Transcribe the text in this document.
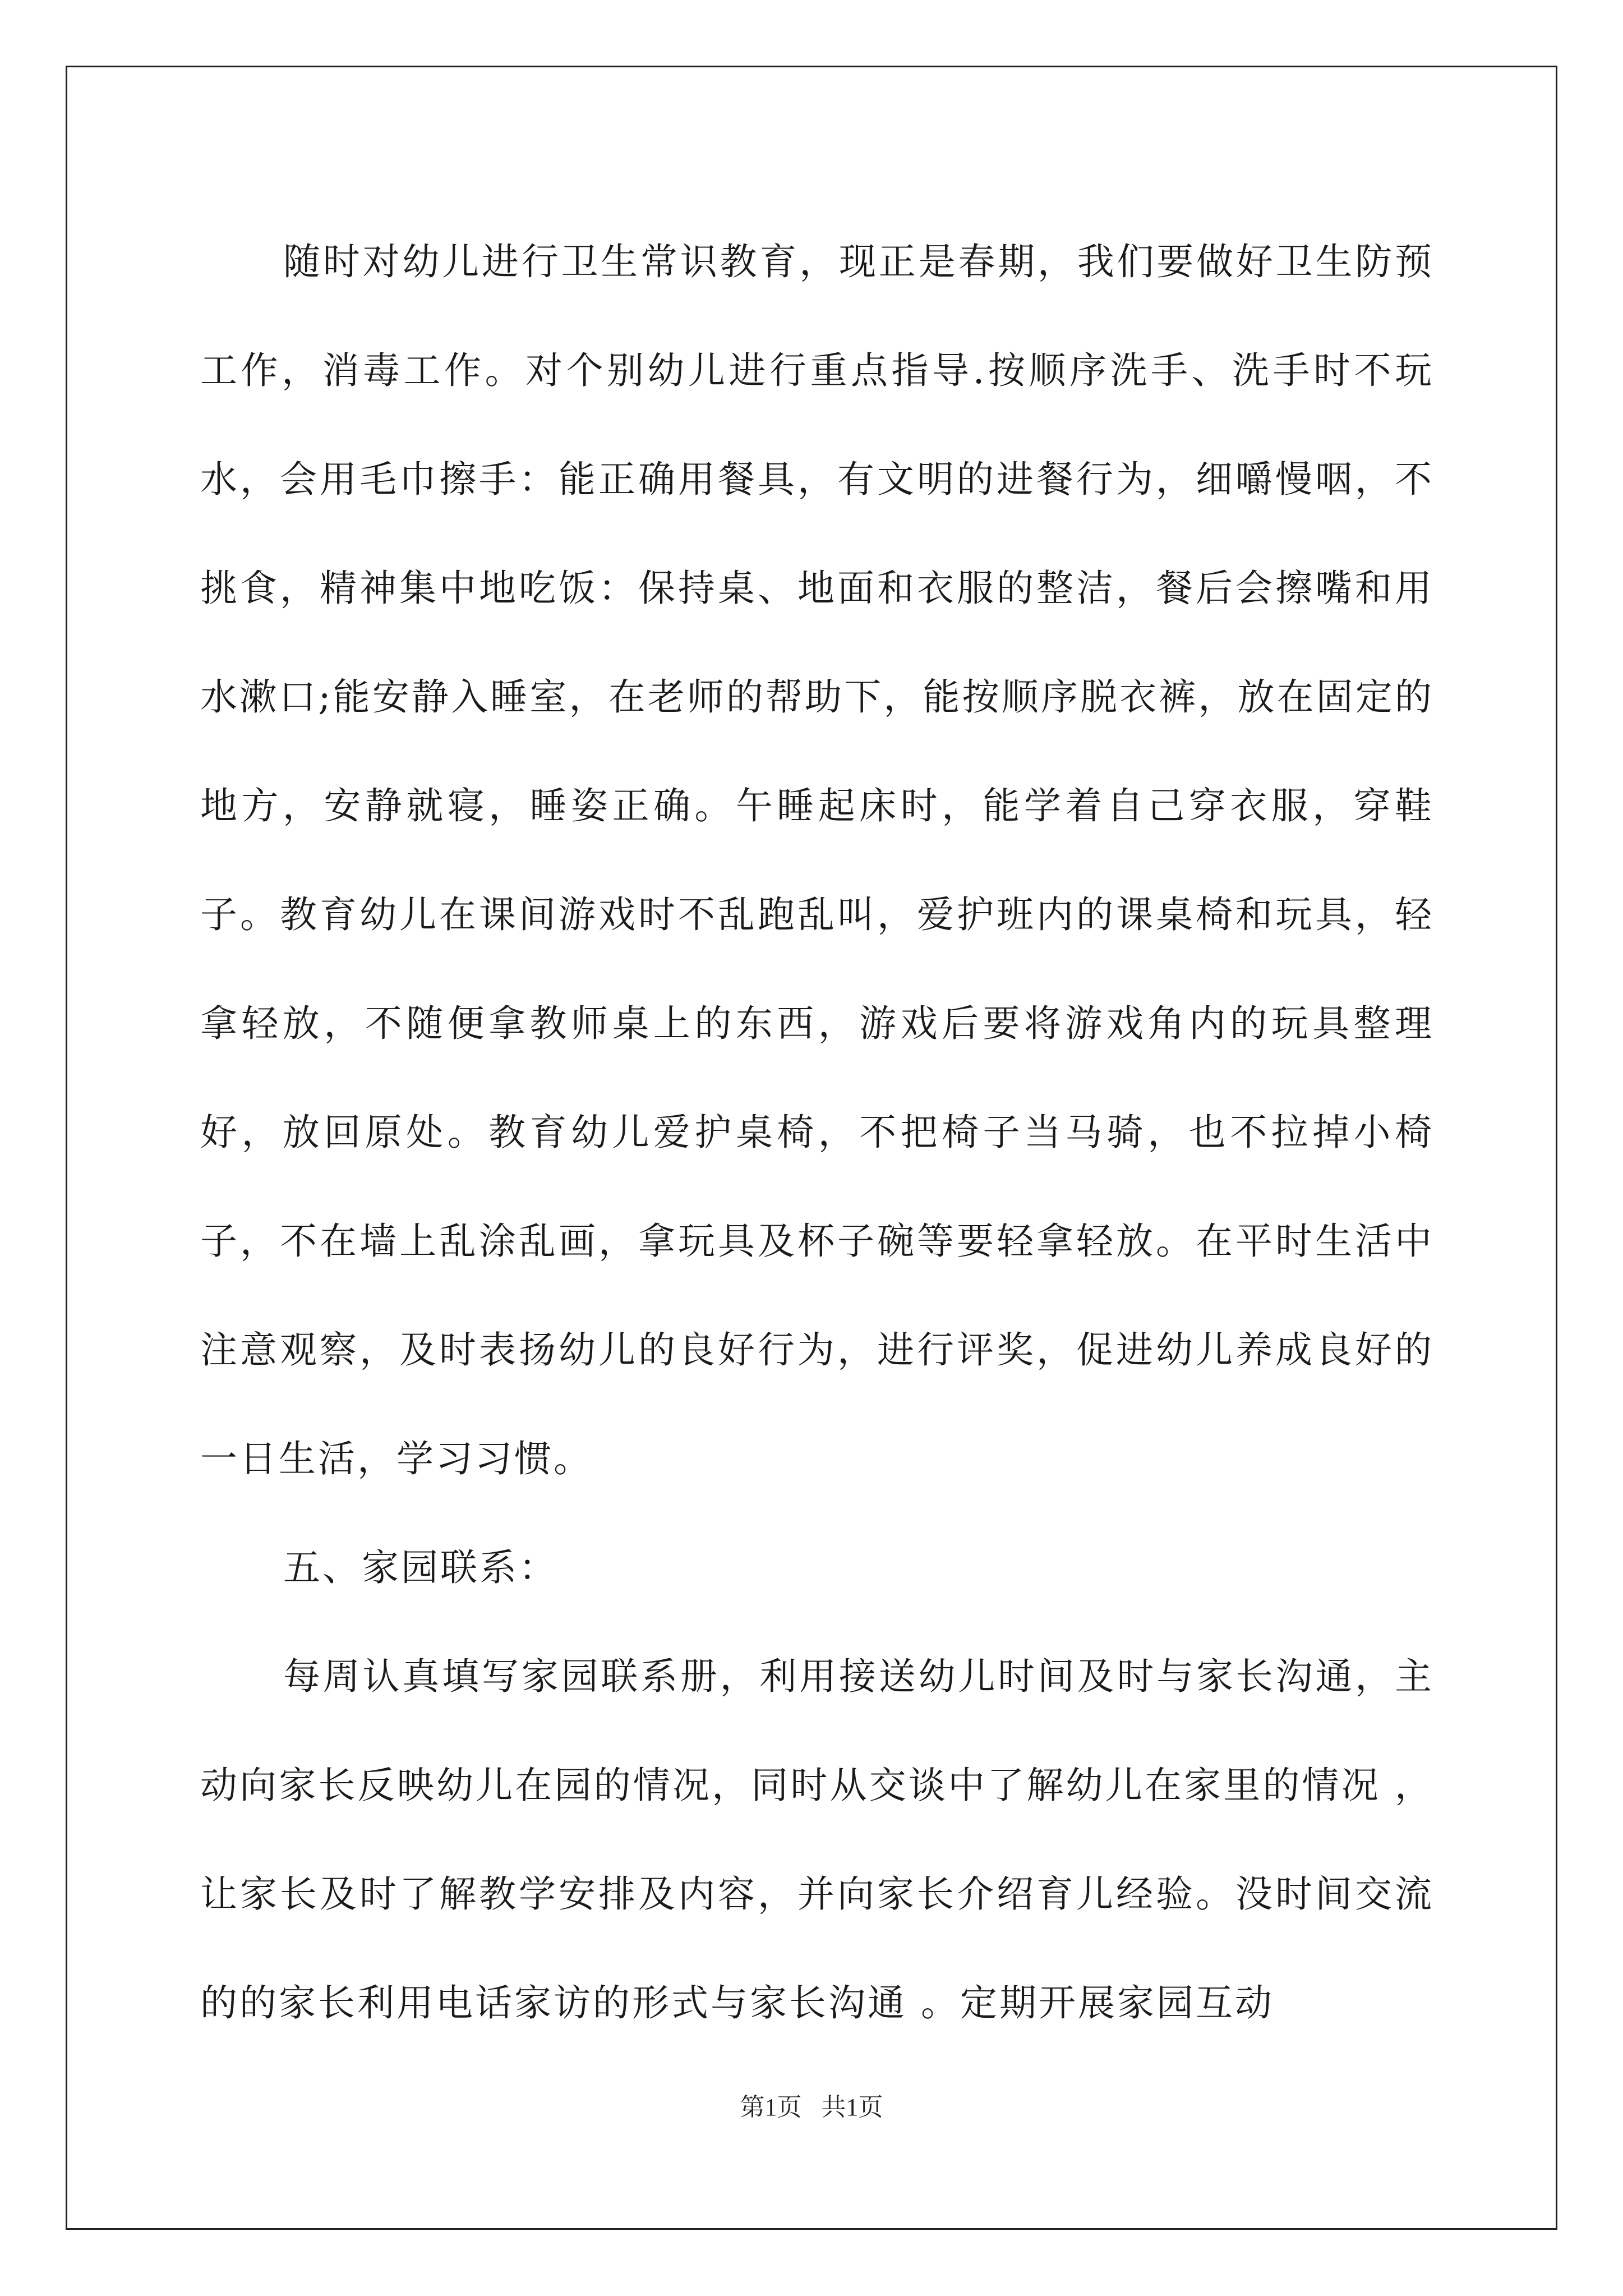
随时对幼儿进行卫生常识教育，现正是春期，我们要做好卫生防预工作，消毒工作。对个别幼儿进行重点指导.按顺序洗手、洗手时不玩水，会用毛巾擦手：能正确用餐具，有文明的进餐行为，细嚼慢咽，不挑食，精神集中地吃饭：保持桌、地面和衣服的整洁，餐后会擦嘴和用水漱口;能安静入睡室，在老师的帮助下，能按顺序脱衣裤，放在固定的地方，安静就寝，睡姿正确。午睡起床时，能学着自己穿衣服，穿鞋子。教育幼儿在课间游戏时不乱跑乱叫，爱护班内的课桌椅和玩具，轻拿轻放，不随便拿教师桌上的东西，游戏后要将游戏角内的玩具整理好，放回原处。教育幼儿爱护桌椅，不把椅子当马骑，也不拉掉小椅子，不在墙上乱涂乱画，拿玩具及杯子碗等要轻拿轻放。在平时生活中注意观察，及时表扬幼儿的良好行为，进行评奖，促进幼儿养成良好的一日生活，学习习惯。

五、家园联系：

每周认真填写家园联系册，利用接送幼儿时间及时与家长沟通，主动向家长反映幼儿在园的情况，同时从交谈中了解幼儿在家里的情况 ，让家长及时了解教学安排及内容，并向家长介绍育儿经验。没时间交流的的家长利用电话家访的形式与家长沟通 。定期开展家园互动

第1页 共1页
